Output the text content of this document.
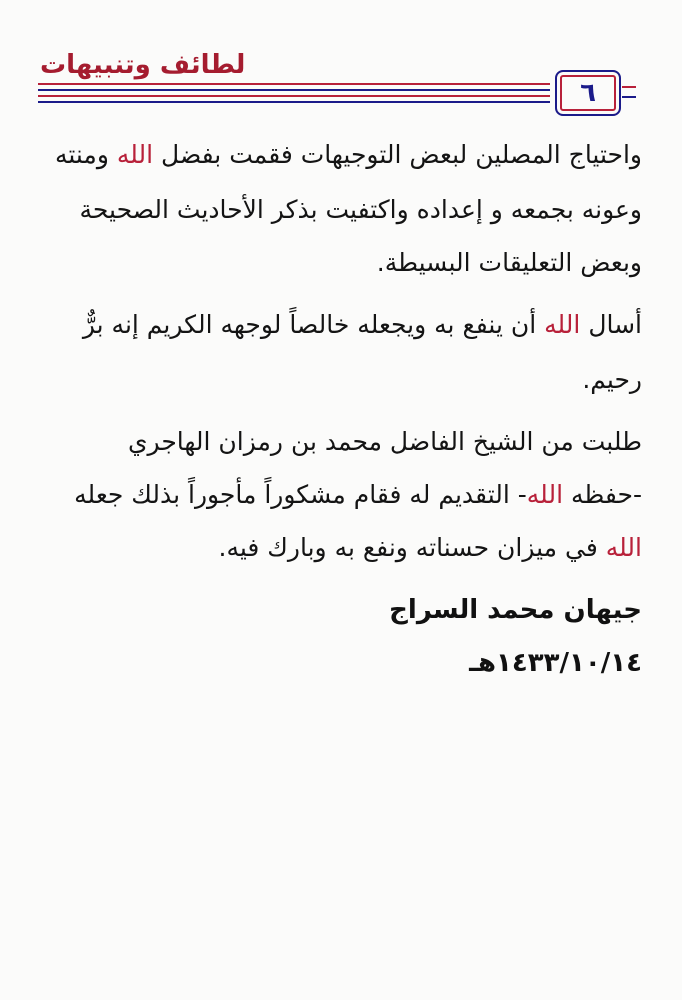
لطائف وتنبيهات
٦
واحتياج المصلين لبعض التوجيهات فقمت بفضل الله ومنته
وعونه بجمعه و إعداده واكتفيت بذكر الأحاديث الصحيحة
وبعض التعليقات البسيطة.
أسال الله أن ينفع به ويجعله خالصاً لوجهه الكريم إنه برٌّ
رحيم.
طلبت من الشيخ الفاضل محمد بن رمزان الهاجري
-حفظه الله- التقديم له فقام مشكوراً مأجوراً بذلك جعله
الله في ميزان حسناته ونفع به وبارك فيه.
جيهان محمد السراج
١٤٣٣/١٠/١٤هـ
